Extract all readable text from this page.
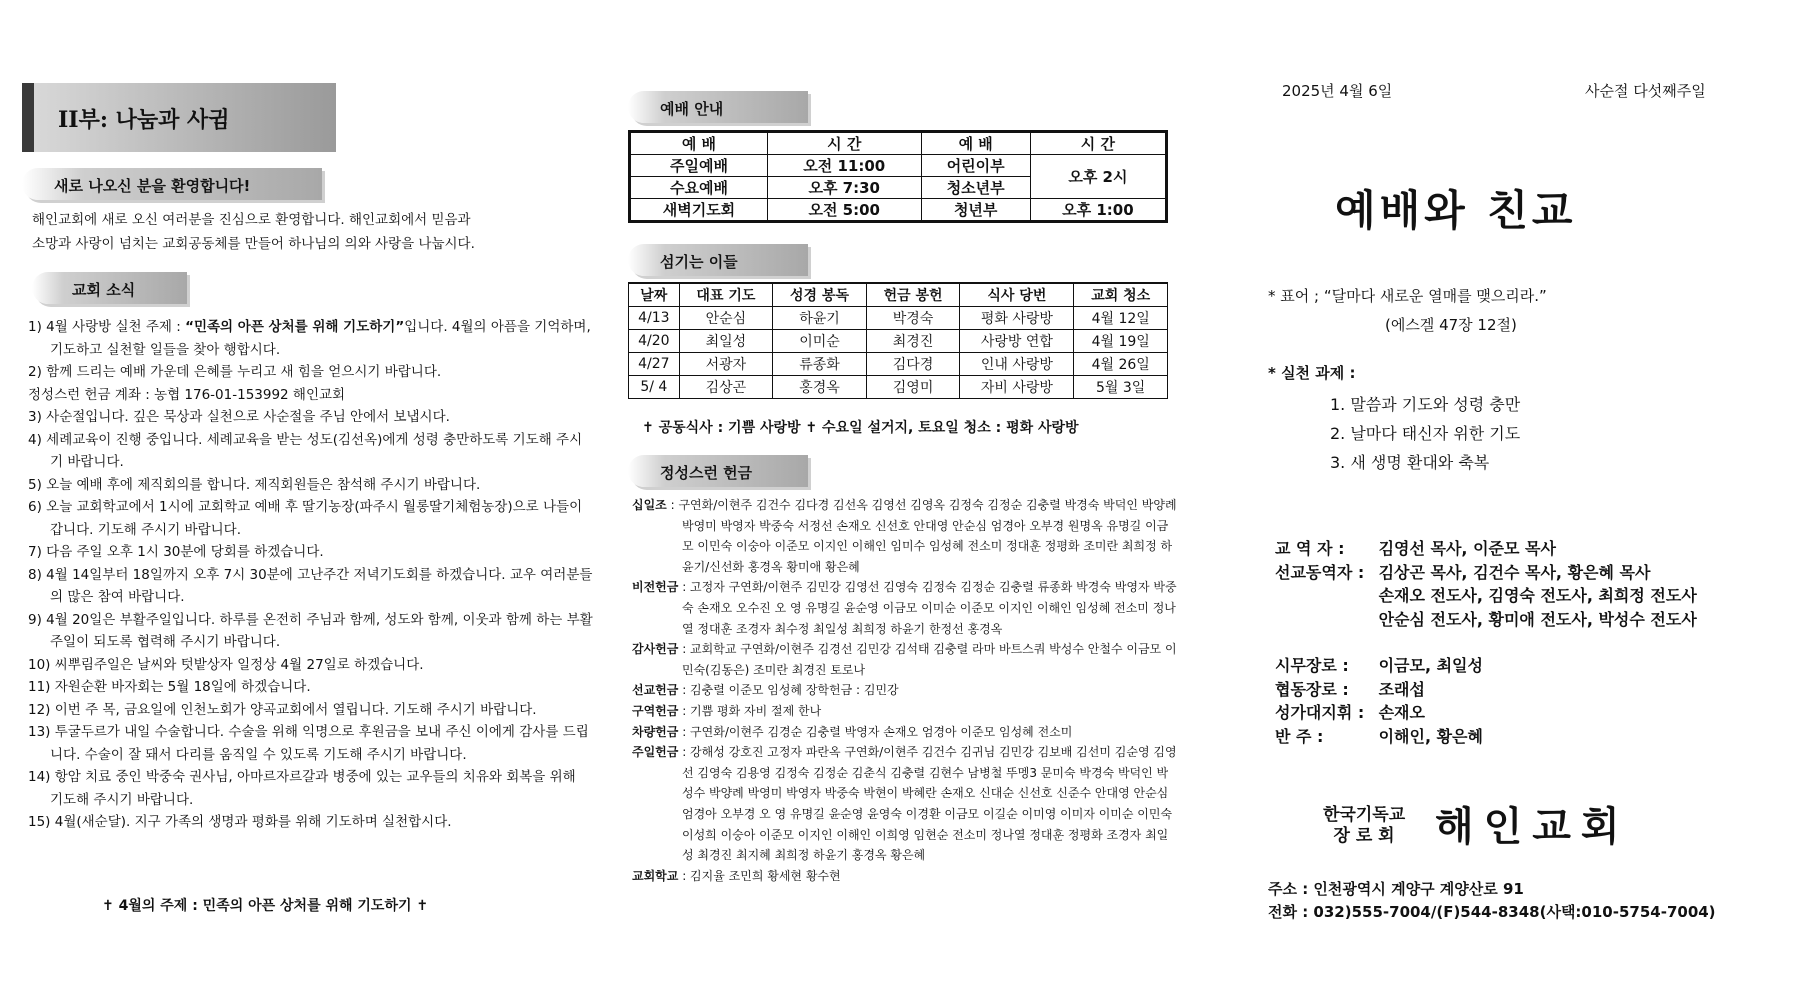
II부: 나눔과 사귐
새로 나오신 분을 환영합니다!
해인교회에 새로 오신 여러분을 진심으로 환영합니다. 해인교회에서 믿음과
소망과 사랑이 넘치는 교회공동체를 만들어 하나님의 의와 사랑을 나눕시다.
교회 소식
1) 4월 사랑방 실천 주제 : “민족의 아픈 상처를 위해 기도하기”입니다. 4월의 아픔을 기억하며, 기도하고 실천할 일들을 찾아 행합시다.
2) 함께 드리는 예배 가운데 은혜를 누리고 새 힘을 얻으시기 바랍니다.
정성스런 헌금 계좌 : 농협 176-01-153992 해인교회
3) 사순절입니다. 깊은 묵상과 실천으로 사순절을 주님 안에서 보냅시다.
4) 세례교육이 진행 중입니다. 세례교육을 받는 성도(김선옥)에게 성령 충만하도록 기도해 주시기 바랍니다.
5) 오늘 예배 후에 제직회의를 합니다. 제직회원들은 참석해 주시기 바랍니다.
6) 오늘 교회학교에서 1시에 교회학교 예배 후 딸기농장(파주시 월롱딸기체험농장)으로 나들이 갑니다. 기도해 주시기 바랍니다.
7) 다음 주일 오후 1시 30분에 당회를 하겠습니다.
8) 4월 14일부터 18일까지 오후 7시 30분에 고난주간 저녁기도회를 하겠습니다. 교우 여러분들의 많은 참여 바랍니다.
9) 4월 20일은 부활주일입니다. 하루를 온전히 주님과 함께, 성도와 함께, 이웃과 함께 하는 부활주일이 되도록 협력해 주시기 바랍니다.
10) 씨뿌림주일은 날씨와 텃밭상자 일정상 4월 27일로 하겠습니다.
11) 자원순환 바자회는 5월 18일에 하겠습니다.
12) 이번 주 목, 금요일에 인천노회가 양곡교회에서 열립니다. 기도해 주시기 바랍니다.
13) 투굴두르가 내일 수술합니다. 수술을 위해 익명으로 후원금을 보내 주신 이에게 감사를 드립니다. 수술이 잘 돼서 다리를 움직일 수 있도록 기도해 주시기 바랍니다.
14) 항암 치료 중인 박중숙 권사님, 아마르자르갈과 병중에 있는 교우들의 치유와 회복을 위해 기도해 주시기 바랍니다.
15) 4월(새순달). 지구 가족의 생명과 평화를 위해 기도하며 실천합시다.
✝ 4월의 주제 : 민족의 아픈 상처를 위해 기도하기 ✝
예배 안내
예 배	시 간	예 배	시 간
주일예배	오전 11:00	어린이부	오후 2시
수요예배	오후 7:30	청소년부	
새벽기도회	오전 5:00	청년부	오후 1:00
섬기는 이들
날짜	대표 기도	성경 봉독	헌금 봉헌	식사 당번	교회 청소
4/13	안순심	하윤기	박경숙	평화 사랑방	4월 12일
4/20	최일성	이미순	최경진	사랑방 연합	4월 19일
4/27	서광자	류종화	김다경	인내 사랑방	4월 26일
5/ 4	김상곤	홍경옥	김영미	자비 사랑방	5월 3일
✝ 공동식사 : 기쁨 사랑방 ✝ 수요일 설거지, 토요일 청소 : 평화 사랑방
정성스런 헌금
십일조 : 구연화/이현주 김건수 김다경 김선옥 김영선 김영옥 김정숙 김정순 김충렬 박경숙 박덕인 박양례 박영미 박영자 박중숙 서정선 손재오 신선호 안대영 안순심 엄경아 오부경 원명옥 유명길 이금모 이민숙 이숭아 이준모 이지인 이해인 임미수 임성혜 전소미 정대훈 정평화 조미란 최희정 하윤기/신선화 홍경옥 황미애 황은혜
비전헌금 : 고정자 구연화/이현주 김민강 김영선 김영숙 김정숙 김정순 김충렬 류종화 박경숙 박영자 박중숙 손재오 오수진 오 영 유명길 윤순영 이금모 이미순 이준모 이지인 이해인 임성혜 전소미 정나열 정대훈 조경자 최수정 최일성 최희정 하윤기 한정선 홍경옥
감사헌금 : 교회학교 구연화/이현주 김경선 김민강 김석태 김충렬 라마 바트스쿼 박성수 안철수 이금모 이민숙(김동은) 조미란 최경진 토로나
선교헌금 : 김충렬 이준모 임성혜 장학헌금 : 김민강
구역헌금 : 기쁨 평화 자비 절제 한나
차량헌금 : 구연화/이현주 김경순 김충렬 박영자 손재오 엄경아 이준모 임성혜 전소미
주일헌금 : 강해성 강호진 고정자 파란옥 구연화/이현주 김건수 김귀님 김민강 김보배 김선미 김순영 김영선 김영숙 김용영 김정숙 김정순 김춘식 김충렬 김현수 남병철 뚜멩3 문미숙 박경숙 박덕인 박성수 박양례 박영미 박영자 박중숙 박현이 박혜란 손재오 신대순 신선호 신준수 안대영 안순심 엄경아 오부경 오 영 유명길 윤순영 윤영숙 이경환 이금모 이길순 이미영 이미자 이미순 이민숙 이성희 이숭아 이준모 이지인 이해인 이희영 임현순 전소미 정나열 정대훈 정평화 조경자 최일성 최경진 최지혜 최희정 하윤기 홍경옥 황은혜
교회학교 : 김지율 조민희 황세현 황수현
2025년 4월 6일	사순절 다섯째주일
예배와 친교
* 표어 ; “달마다 새로운 열매를 맺으리라.”
(에스겔 47장 12절)
* 실천 과제 :
1. 말씀과 기도와 성령 충만
2. 날마다 태신자 위한 기도
3. 새 생명 환대와 축복
교 역 자 :	김영선 목사, 이준모 목사
선교동역자 : 김상곤 목사, 김건수 목사, 황은혜 목사
손재오 전도사, 김영숙 전도사, 최희정 전도사
안순심 전도사, 황미애 전도사, 박성수 전도사
시무장로 :	이금모, 최일성
협동장로 :	조래섭
성가대지휘 : 손재오
반 주 :	이해인, 황은혜
한국기독교
장 로 회 해인교회
주소 : 인천광역시 계양구 계양산로 91
전화 : 032)555-7004/(F)544-8348(사택:010-5754-7004)
